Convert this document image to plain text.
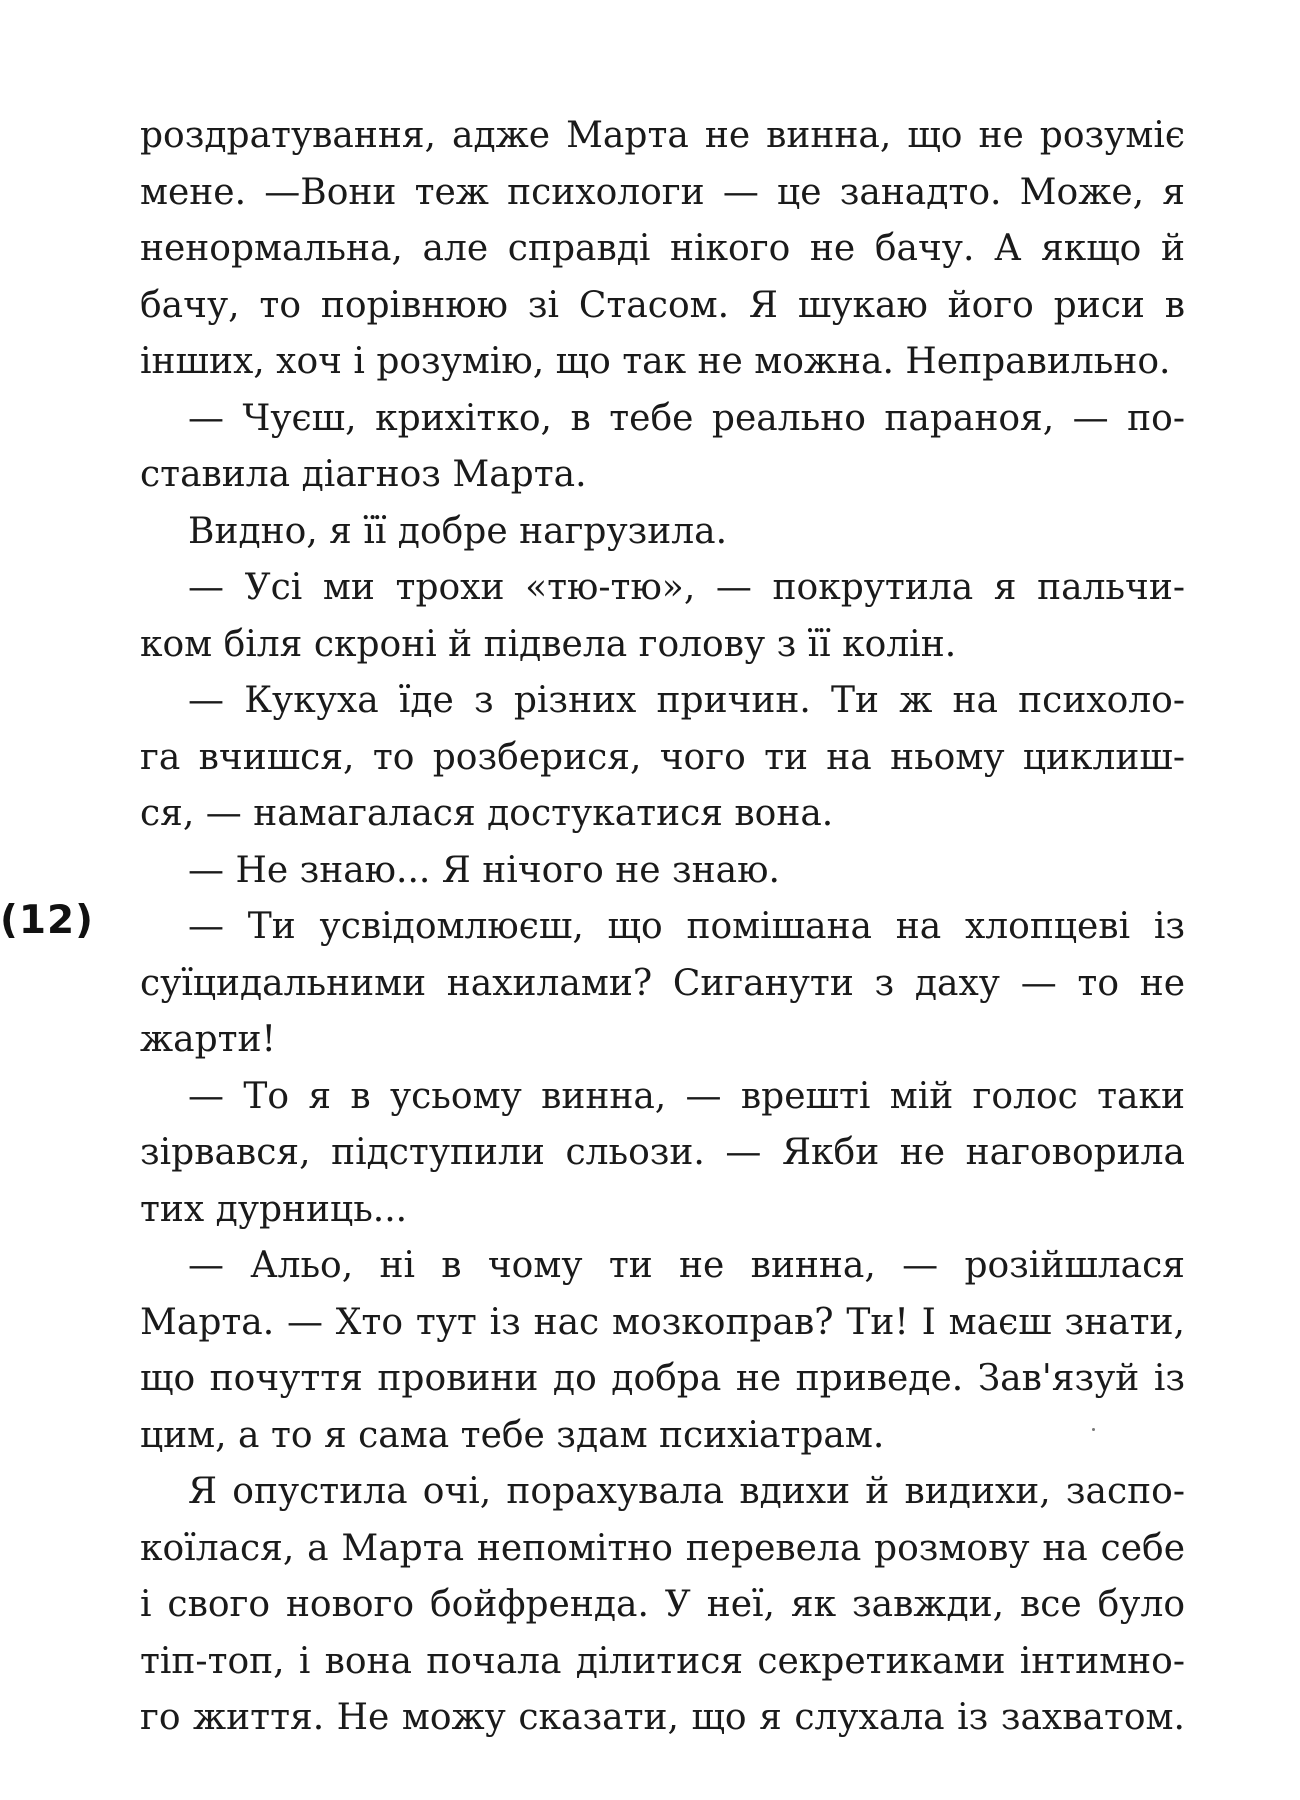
(12)
роздратування, адже Марта не винна, що не розуміє
мене. —Вони теж психологи — це занадто. Може, я
ненормальна, але справді нікого не бачу. А якщо й
бачу, то порівнюю зі Стасом. Я шукаю його риси в
інших, хоч і розумію, що так не можна. Неправильно.
— Чуєш, крихітко, в тебе реально параноя, — по-
ставила діагноз Марта.
Видно, я її добре нагрузила.
— Усі ми трохи «тю-тю», — покрутила я пальчи-
ком біля скроні й підвела голову з її колін.
— Кукуха їде з різних причин. Ти ж на психоло-
га вчишся, то розберися, чого ти на ньому циклиш-
ся, — намагалася достукатися вона.
— Не знаю... Я нічого не знаю.
— Ти усвідомлюєш, що помішана на хлопцеві із
суїцидальними нахилами? Сиганути з даху — то не
жарти!
— То я в усьому винна, — врешті мій голос таки
зірвався, підступили сльози. — Якби не наговорила
тих дурниць...
— Альо, ні в чому ти не винна, — розійшлася
Марта. — Хто тут із нас мозкоправ? Ти! І маєш знати,
що почуття провини до добра не приведе. Зав'язуй із
цим, а то я сама тебе здам психіатрам.
Я опустила очі, порахувала вдихи й видихи, заспо-
коїлася, а Марта непомітно перевела розмову на себе
і свого нового бойфренда. У неї, як завжди, все було
тіп-топ, і вона почала ділитися секретиками інтимно-
го життя. Не можу сказати, що я слухала із захватом.
